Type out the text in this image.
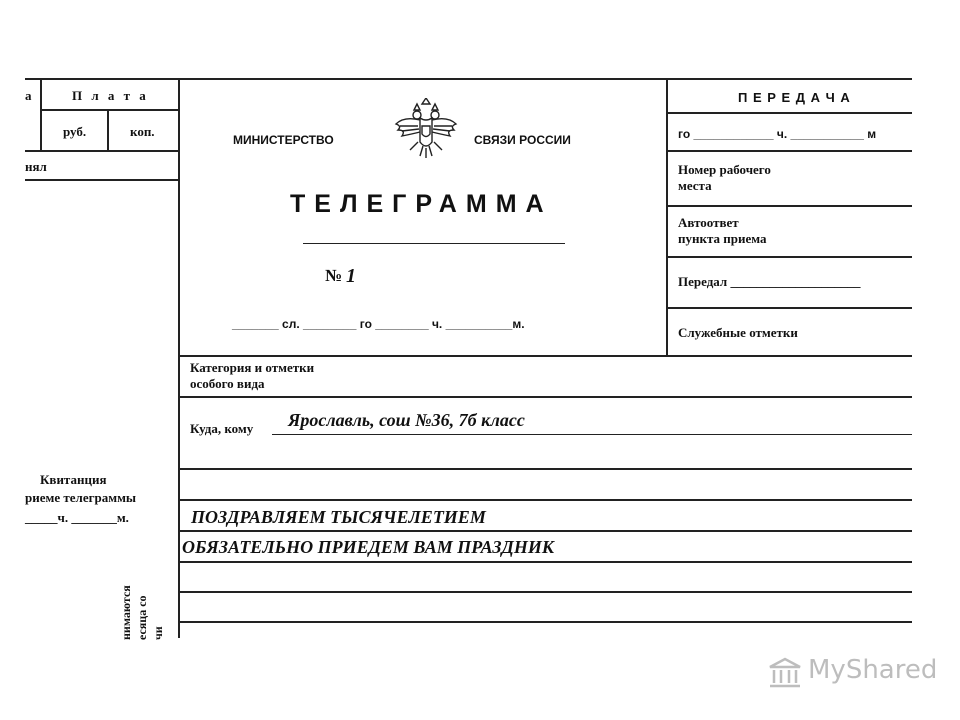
а	П л а т а
руб.	коп.
нял
Квитанция
риеме телеграммы
_____ч. _______м.
нимаются есяца со чи
МИНИСТЕРСТВО	СВЯЗИ РОССИИ
ТЕЛЕГРАММА
№ 1
_______ сл. ________ го ________ ч. __________м.
П Е Р Е Д А Ч А
го ____________ ч. ___________ м
Номер рабочего
места
Автоответ
пункта приема
Передал ____________________
Служебные отметки
Категория и отметки
особого вида
Куда, кому Ярославль, сош №36, 7б класс
ПОЗДРАВЛЯЕМ ТЫСЯЧЕЛЕТИЕМ
ОБЯЗАТЕЛЬНО ПРИЕДЕМ ВАМ ПРАЗДНИК
MyShared
